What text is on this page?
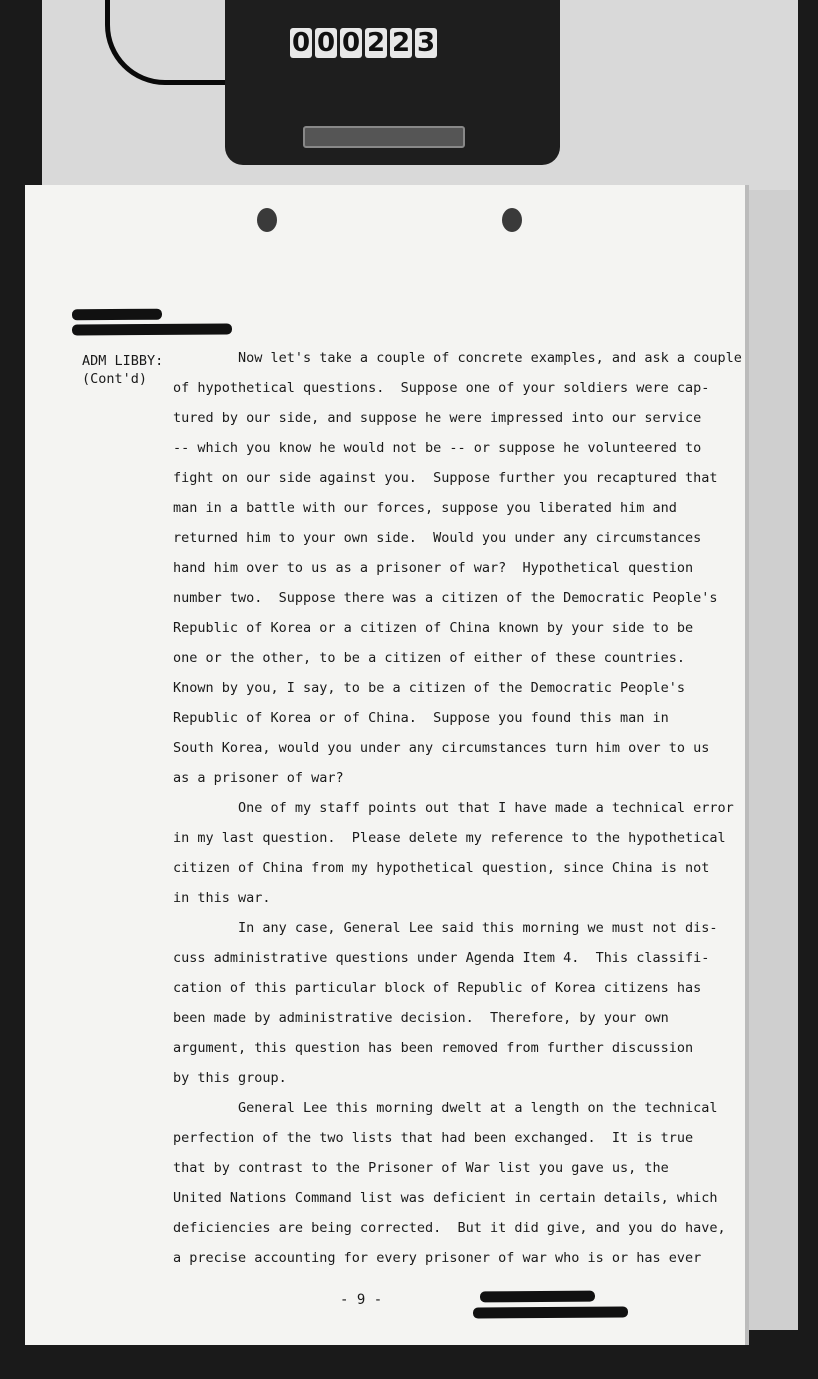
0 0 0 2 2 3
ADM LIBBY:
(Cont'd)
Now let's take a couple of concrete examples, and ask a couple
of hypothetical questions.  Suppose one of your soldiers were cap-
tured by our side, and suppose he were impressed into our service
-- which you know he would not be -- or suppose he volunteered to
fight on our side against you.  Suppose further you recaptured that
man in a battle with our forces, suppose you liberated him and
returned him to your own side.  Would you under any circumstances
hand him over to us as a prisoner of war?  Hypothetical question
number two.  Suppose there was a citizen of the Democratic People's
Republic of Korea or a citizen of China known by your side to be
one or the other, to be a citizen of either of these countries.
Known by you, I say, to be a citizen of the Democratic People's
Republic of Korea or of China.  Suppose you found this man in
South Korea, would you under any circumstances turn him over to us
as a prisoner of war?
One of my staff points out that I have made a technical error
in my last question.  Please delete my reference to the hypothetical
citizen of China from my hypothetical question, since China is not
in this war.
In any case, General Lee said this morning we must not dis-
cuss administrative questions under Agenda Item 4.  This classifi-
cation of this particular block of Republic of Korea citizens has
been made by administrative decision.  Therefore, by your own
argument, this question has been removed from further discussion
by this group.
General Lee this morning dwelt at a length on the technical
perfection of the two lists that had been exchanged.  It is true
that by contrast to the Prisoner of War list you gave us, the
United Nations Command list was deficient in certain details, which
deficiencies are being corrected.  But it did give, and you do have,
a precise accounting for every prisoner of war who is or has ever
- 9 -
